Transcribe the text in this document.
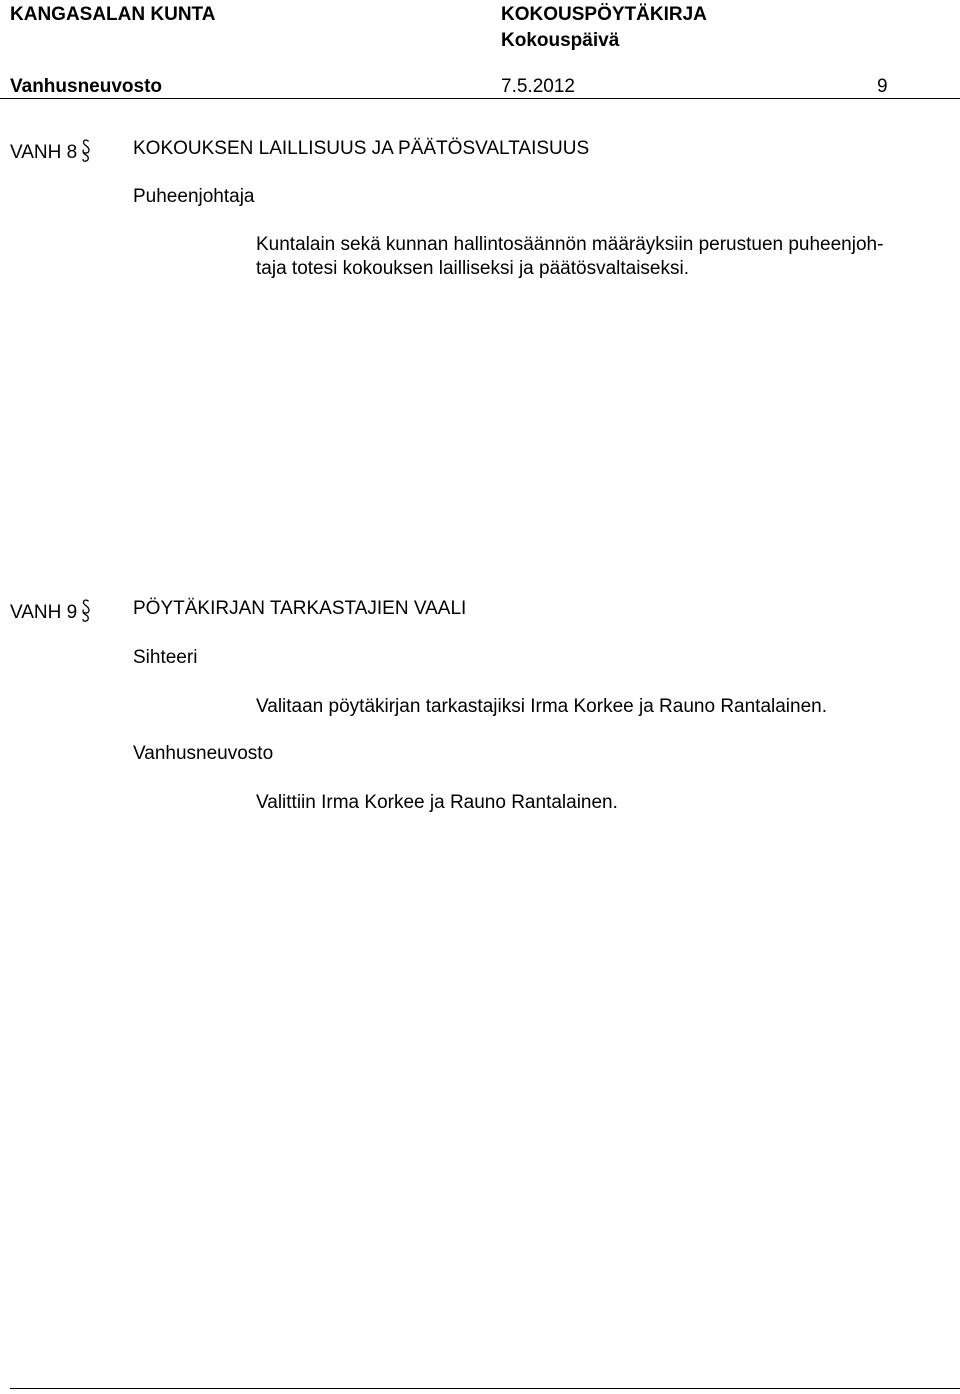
KANGASALAN KUNTA	KOKOUSPÖYTÄKIRJA
Kokouspäivä
Vanhusneuvosto	7.5.2012	9
VANH 8	KOKOUKSEN LAILLISUUS JA PÄÄTÖSVALTAISUUS
Puheenjohtaja
Kuntalain sekä kunnan hallintosäännön määräyksiin perustuen puheenjoh-
taja totesi kokouksen lailliseksi ja päätösvaltaiseksi.
VANH 9	PÖYTÄKIRJAN TARKASTAJIEN VAALI
Sihteeri
Valitaan pöytäkirjan tarkastajiksi Irma Korkee ja Rauno Rantalainen.
Vanhusneuvosto
Valittiin Irma Korkee ja Rauno Rantalainen.
